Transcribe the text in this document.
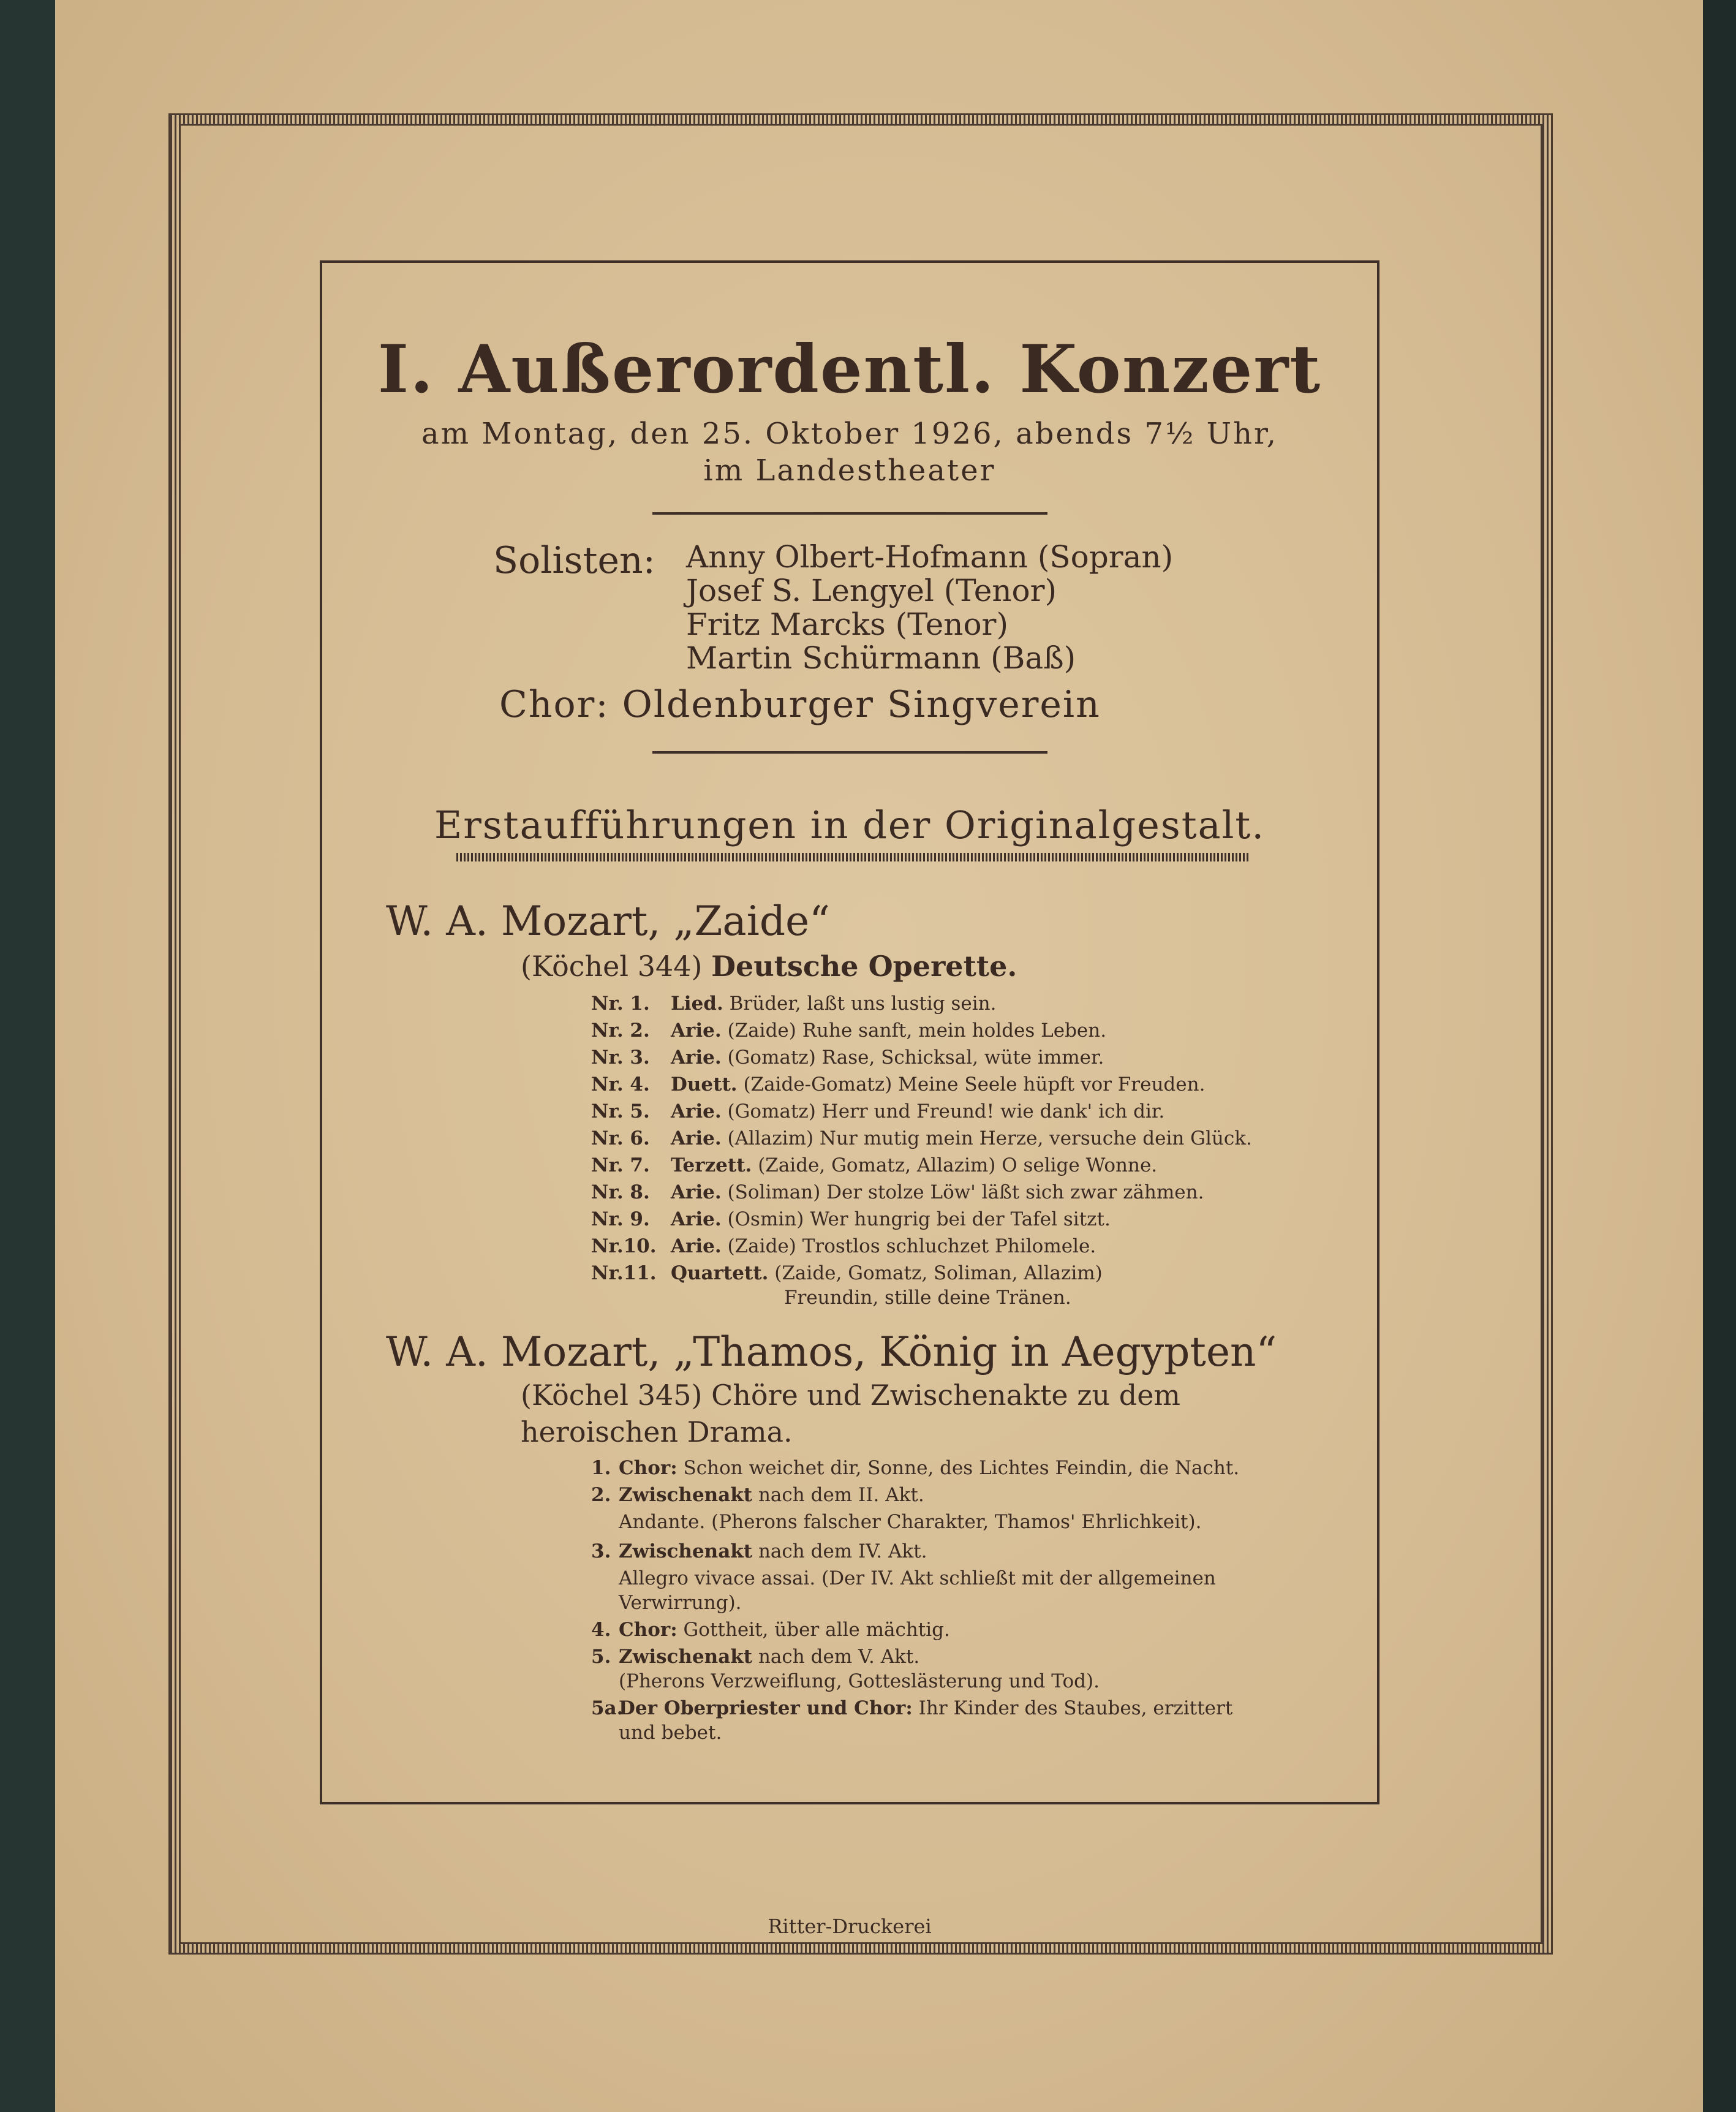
I. Außerordentl. Konzert
am Montag, den 25. Oktober 1926, abends 7½ Uhr,
im Landestheater
Solisten: Anny Olbert-Hofmann (Sopran)
Josef S. Lengyel (Tenor)
Fritz Marcks (Tenor)
Martin Schürmann (Baß)
Chor: Oldenburger Singverein
Erstaufführungen in der Originalgestalt.
W. A. Mozart, „Zaide“
(Köchel 344) Deutsche Operette.
Nr. 1. Lied. Brüder, laßt uns lustig sein.
Nr. 2. Arie. (Zaide) Ruhe sanft, mein holdes Leben.
Nr. 3. Arie. (Gomatz) Rase, Schicksal, wüte immer.
Nr. 4. Duett. (Zaide-Gomatz) Meine Seele hüpft vor Freuden.
Nr. 5. Arie. (Gomatz) Herr und Freund! wie dank' ich dir.
Nr. 6. Arie. (Allazim) Nur mutig mein Herze, versuche dein Glück.
Nr. 7. Terzett. (Zaide, Gomatz, Allazim) O selige Wonne.
Nr. 8. Arie. (Soliman) Der stolze Löw' läßt sich zwar zähmen.
Nr. 9. Arie. (Osmin) Wer hungrig bei der Tafel sitzt.
Nr.10. Arie. (Zaide) Trostlos schluchzet Philomele.
Nr.11. Quartett. (Zaide, Gomatz, Soliman, Allazim)
Freundin, stille deine Tränen.
W. A. Mozart, „Thamos, König in Aegypten“
(Köchel 345) Chöre und Zwischenakte zu dem
heroischen Drama.
1. Chor: Schon weichet dir, Sonne, des Lichtes Feindin, die Nacht.
2. Zwischenakt nach dem II. Akt.
Andante. (Pherons falscher Charakter, Thamos' Ehrlichkeit).
3. Zwischenakt nach dem IV. Akt.
Allegro vivace assai. (Der IV. Akt schließt mit der allgemeinen
Verwirrung).
4. Chor: Gottheit, über alle mächtig.
5. Zwischenakt nach dem V. Akt.
(Pherons Verzweiflung, Gotteslästerung und Tod).
5a.Der Oberpriester und Chor: Ihr Kinder des Staubes, erzittert
und bebet.
Ritter-Druckerei
